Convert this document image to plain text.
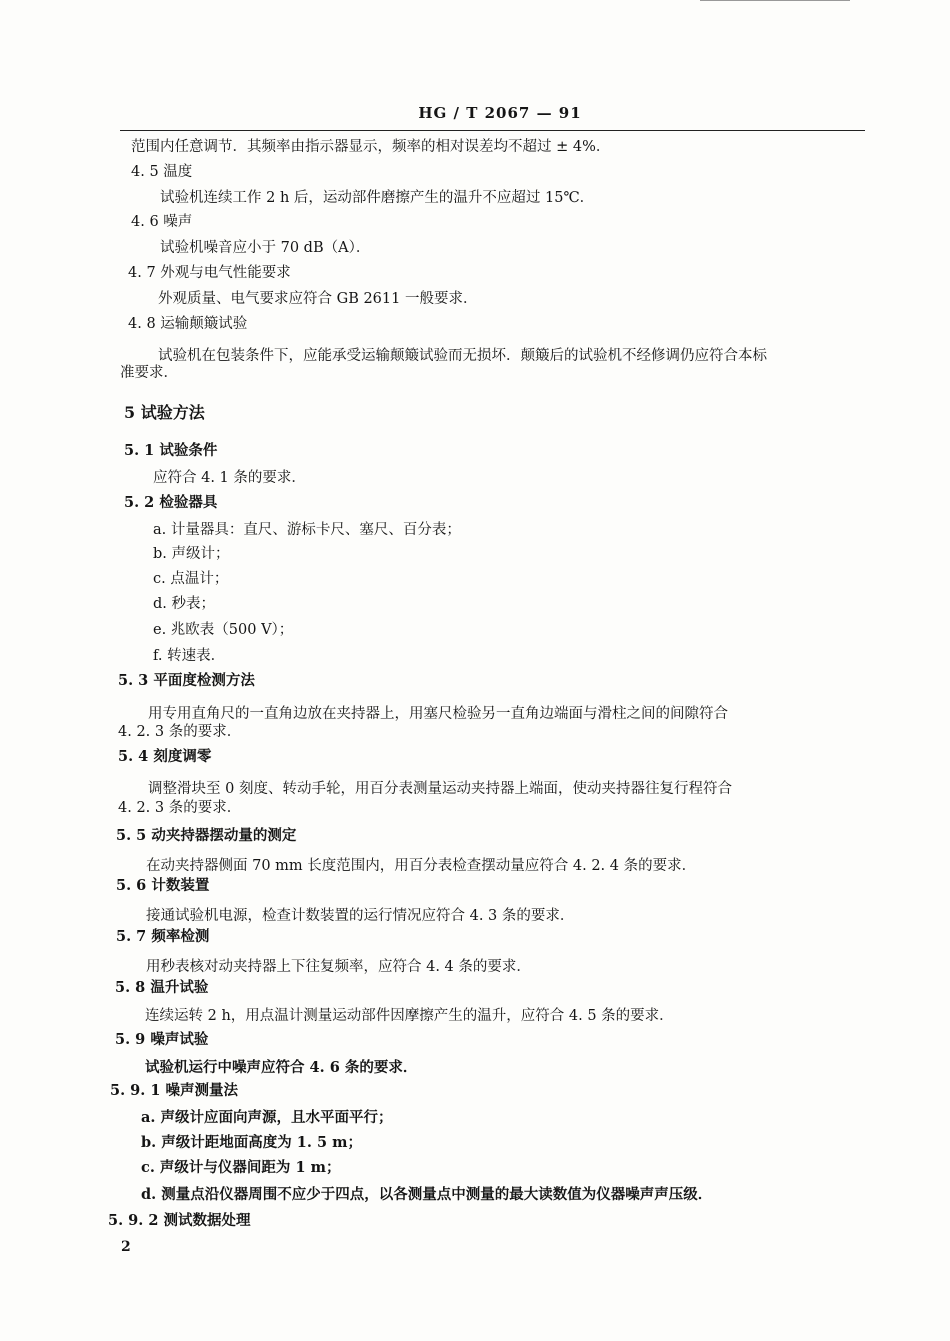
HG / T 2067 — 91
范围内任意调节．其频率由指示器显示，频率的相对误差均不超过 ± 4%．
4. 5 温度
试验机连续工作 2 h 后，运动部件磨擦产生的温升不应超过 15℃．
4. 6 噪声
试验机噪音应小于 70 dB（A）．
4. 7 外观与电气性能要求
外观质量、电气要求应符合 GB 2611 一般要求．
4. 8 运输颠簸试验
试验机在包装条件下，应能承受运输颠簸试验而无损坏．颠簸后的试验机不经修调仍应符合本标
准要求．
5 试验方法
5. 1 试验条件
应符合 4. 1 条的要求．
5. 2 检验器具
a. 计量器具：直尺、游标卡尺、塞尺、百分表；
b. 声级计；
c. 点温计；
d. 秒表；
e. 兆欧表（500 V）；
f. 转速表．
5. 3 平面度检测方法
用专用直角尺的一直角边放在夹持器上，用塞尺检验另一直角边端面与滑柱之间的间隙符合
4. 2. 3 条的要求．
5. 4 刻度调零
调整滑块至 0 刻度、转动手轮，用百分表测量运动夹持器上端面，使动夹持器往复行程符合
4. 2. 3 条的要求．
5. 5 动夹持器摆动量的测定
在动夹持器侧面 70 mm 长度范围内，用百分表检查摆动量应符合 4. 2. 4 条的要求．
5. 6 计数装置
接通试验机电源，检查计数装置的运行情况应符合 4. 3 条的要求．
5. 7 频率检测
用秒表核对动夹持器上下往复频率，应符合 4. 4 条的要求．
5. 8 温升试验
连续运转 2 h，用点温计测量运动部件因摩擦产生的温升，应符合 4. 5 条的要求．
5. 9 噪声试验
试验机运行中噪声应符合 4. 6 条的要求．
5. 9. 1 噪声测量法
a. 声级计应面向声源，且水平面平行；
b. 声级计距地面高度为 1. 5 m；
c. 声级计与仪器间距为 1 m；
d. 测量点沿仪器周围不应少于四点，以各测量点中测量的最大读数值为仪器噪声声压级．
5. 9. 2 测试数据处理
2
